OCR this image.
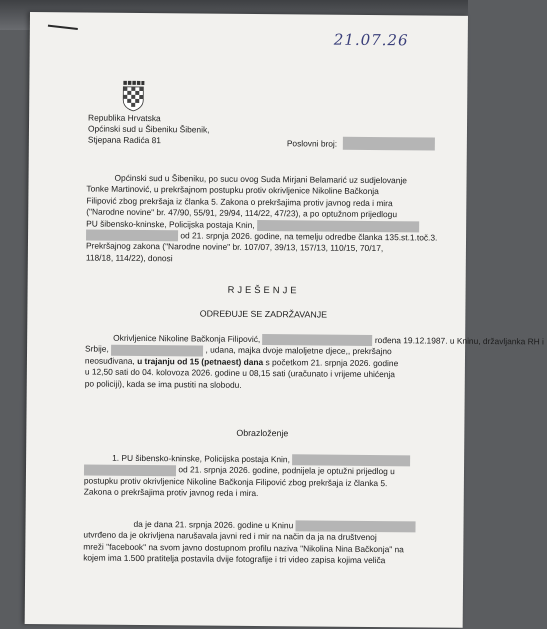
21.07.26
Republika Hrvatska
Općinski sud u Šibeniku Šibenik,
Stjepana Radića 81	Poslovni broj:
Općinski sud u Šibeniku, po sucu ovog Suda Mirjani Belamarić uz sudjelovanje
Tonke Martinović, u prekršajnom postupku protiv okrivljenice Nikoline Bačkonja
Filipović zbog prekršaja iz članka 5. Zakona o prekršajima protiv javnog reda i mira
("Narodne novine" br. 47/90, 55/91, 29/94, 114/22, 47/23), a po optužnom prijedlogu
PU šibensko-kninske, Policijska postaja Knin,
od 21. srpnja 2026. godine, na temelju odredbe članka 135.st.1.toč.3.
Prekršajnog zakona ("Narodne novine" br. 107/07, 39/13, 157/13, 110/15, 70/17,
118/18, 114/22), donosi
RJEŠENJE
ODREĐUJE SE ZADRŽAVANJE
Okrivljenice Nikoline Bačkonja Filipović,	rođena 19.12.1987. u Kninu, državljanka RH i
Srbije,	, udana, majka dvoje maloljetne djece,, prekršajno
neosuđivana, u trajanju od 15 (petnaest) dana s početkom 21. srpnja 2026. godine
u 12,50 sati do 04. kolovoza 2026. godine u 08,15 sati (uračunato i vrijeme uhićenja
po policiji), kada se ima pustiti na slobodu.
Obrazloženje
1. PU šibensko-kninske, Policijska postaja Knin,
od 21. srpnja 2026. godine, podnijela je optužni prijedlog u
postupku protiv okrivljenice Nikoline Bačkonja Filipović zbog prekršaja iz članka 5.
Zakona o prekršajima protiv javnog reda i mira.
da je dana 21. srpnja 2026. godine u Kninu
utvrđeno da je okrivljena narušavala javni red i mir na način da ja na društvenoj
mreži "facebook" na svom javno dostupnom profilu naziva "Nikolina Nina Bačkonja" na
kojem ima 1.500 pratitelja postavila dvije fotografije i tri video zapisa kojima veliča
